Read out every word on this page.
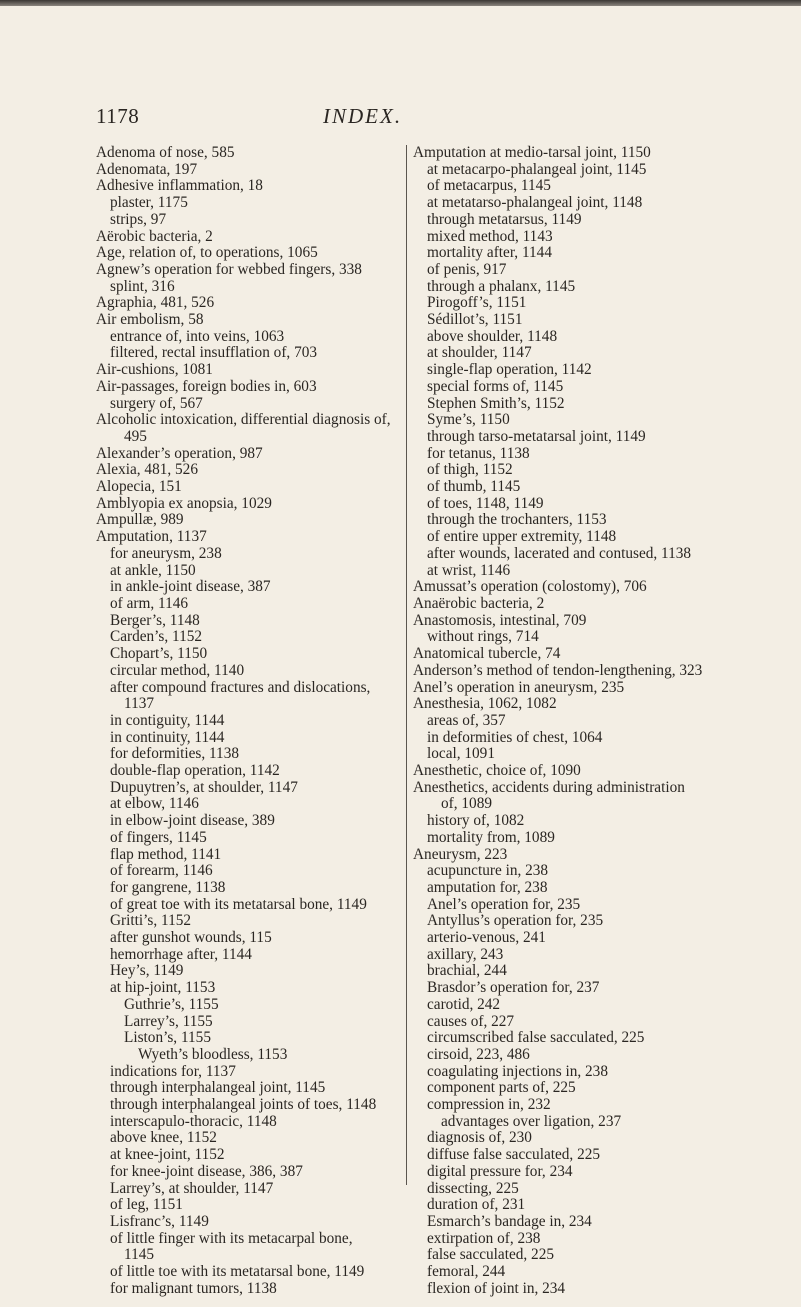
1178	INDEX.
Adenoma of nose, 585
Adenomata, 197
Adhesive inflammation, 18
plaster, 1175
strips, 97
Aërobic bacteria, 2
Age, relation of, to operations, 1065
Agnew’s operation for webbed fingers, 338
splint, 316
Agraphia, 481, 526
Air embolism, 58
entrance of, into veins, 1063
filtered, rectal insufflation of, 703
Air-cushions, 1081
Air-passages, foreign bodies in, 603
surgery of, 567
Alcoholic intoxication, differential diagnosis of,
495
Alexander’s operation, 987
Alexia, 481, 526
Alopecia, 151
Amblyopia ex anopsia, 1029
Ampullæ, 989
Amputation, 1137
for aneurysm, 238
at ankle, 1150
in ankle-joint disease, 387
of arm, 1146
Berger’s, 1148
Carden’s, 1152
Chopart’s, 1150
circular method, 1140
after compound fractures and dislocations,
1137
in contiguity, 1144
in continuity, 1144
for deformities, 1138
double-flap operation, 1142
Dupuytren’s, at shoulder, 1147
at elbow, 1146
in elbow-joint disease, 389
of fingers, 1145
flap method, 1141
of forearm, 1146
for gangrene, 1138
of great toe with its metatarsal bone, 1149
Gritti’s, 1152
after gunshot wounds, 115
hemorrhage after, 1144
Hey’s, 1149
at hip-joint, 1153
Guthrie’s, 1155
Larrey’s, 1155
Liston’s, 1155
Wyeth’s bloodless, 1153
indications for, 1137
through interphalangeal joint, 1145
through interphalangeal joints of toes, 1148
interscapulo-thoracic, 1148
above knee, 1152
at knee-joint, 1152
for knee-joint disease, 386, 387
Larrey’s, at shoulder, 1147
of leg, 1151
Lisfranc’s, 1149
of little finger with its metacarpal bone,
1145
of little toe with its metatarsal bone, 1149
for malignant tumors, 1138
Amputation at medio-tarsal joint, 1150
at metacarpo-phalangeal joint, 1145
of metacarpus, 1145
at metatarso-phalangeal joint, 1148
through metatarsus, 1149
mixed method, 1143
mortality after, 1144
of penis, 917
through a phalanx, 1145
Pirogoff’s, 1151
Sédillot’s, 1151
above shoulder, 1148
at shoulder, 1147
single-flap operation, 1142
special forms of, 1145
Stephen Smith’s, 1152
Syme’s, 1150
through tarso-metatarsal joint, 1149
for tetanus, 1138
of thigh, 1152
of thumb, 1145
of toes, 1148, 1149
through the trochanters, 1153
of entire upper extremity, 1148
after wounds, lacerated and contused, 1138
at wrist, 1146
Amussat’s operation (colostomy), 706
Anaërobic bacteria, 2
Anastomosis, intestinal, 709
without rings, 714
Anatomical tubercle, 74
Anderson’s method of tendon-lengthening, 323
Anel’s operation in aneurysm, 235
Anesthesia, 1062, 1082
areas of, 357
in deformities of chest, 1064
local, 1091
Anesthetic, choice of, 1090
Anesthetics, accidents during administration
of, 1089
history of, 1082
mortality from, 1089
Aneurysm, 223
acupuncture in, 238
amputation for, 238
Anel’s operation for, 235
Antyllus’s operation for, 235
arterio-venous, 241
axillary, 243
brachial, 244
Brasdor’s operation for, 237
carotid, 242
causes of, 227
circumscribed false sacculated, 225
cirsoid, 223, 486
coagulating injections in, 238
component parts of, 225
compression in, 232
advantages over ligation, 237
diagnosis of, 230
diffuse false sacculated, 225
digital pressure for, 234
dissecting, 225
duration of, 231
Esmarch’s bandage in, 234
extirpation of, 238
false sacculated, 225
femoral, 244
flexion of joint in, 234
